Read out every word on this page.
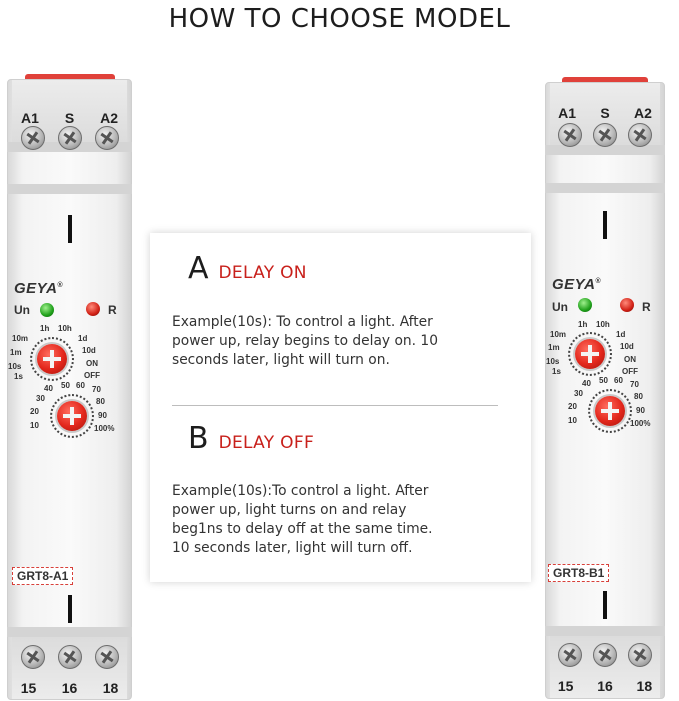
HOW TO CHOOSE MODEL
A1 S A2
GEYA®
Un	R
1h 10h
10m	1d
1m	10d
10s	ON
1s	OFF
40 50 60 70
30	80
20	90
10	100%
GRT8-A1
15 16 18
A1 S A2
GEYA®
Un	R
1h 10h
10m	1d
1m	10d
10s	ON
1s	OFF
40 50 60 70
30	80
20	90
10	100%
GRT8-B1
15 16 18
A DELAY ON
Example(10s): To control a light. After
power up, relay begins to delay on. 10
seconds later, light will turn on.
B DELAY OFF
Example(10s):To control a light. After
power up, light turns on and relay
beg1ns to delay off at the same time.
10 seconds later, light will turn off.
